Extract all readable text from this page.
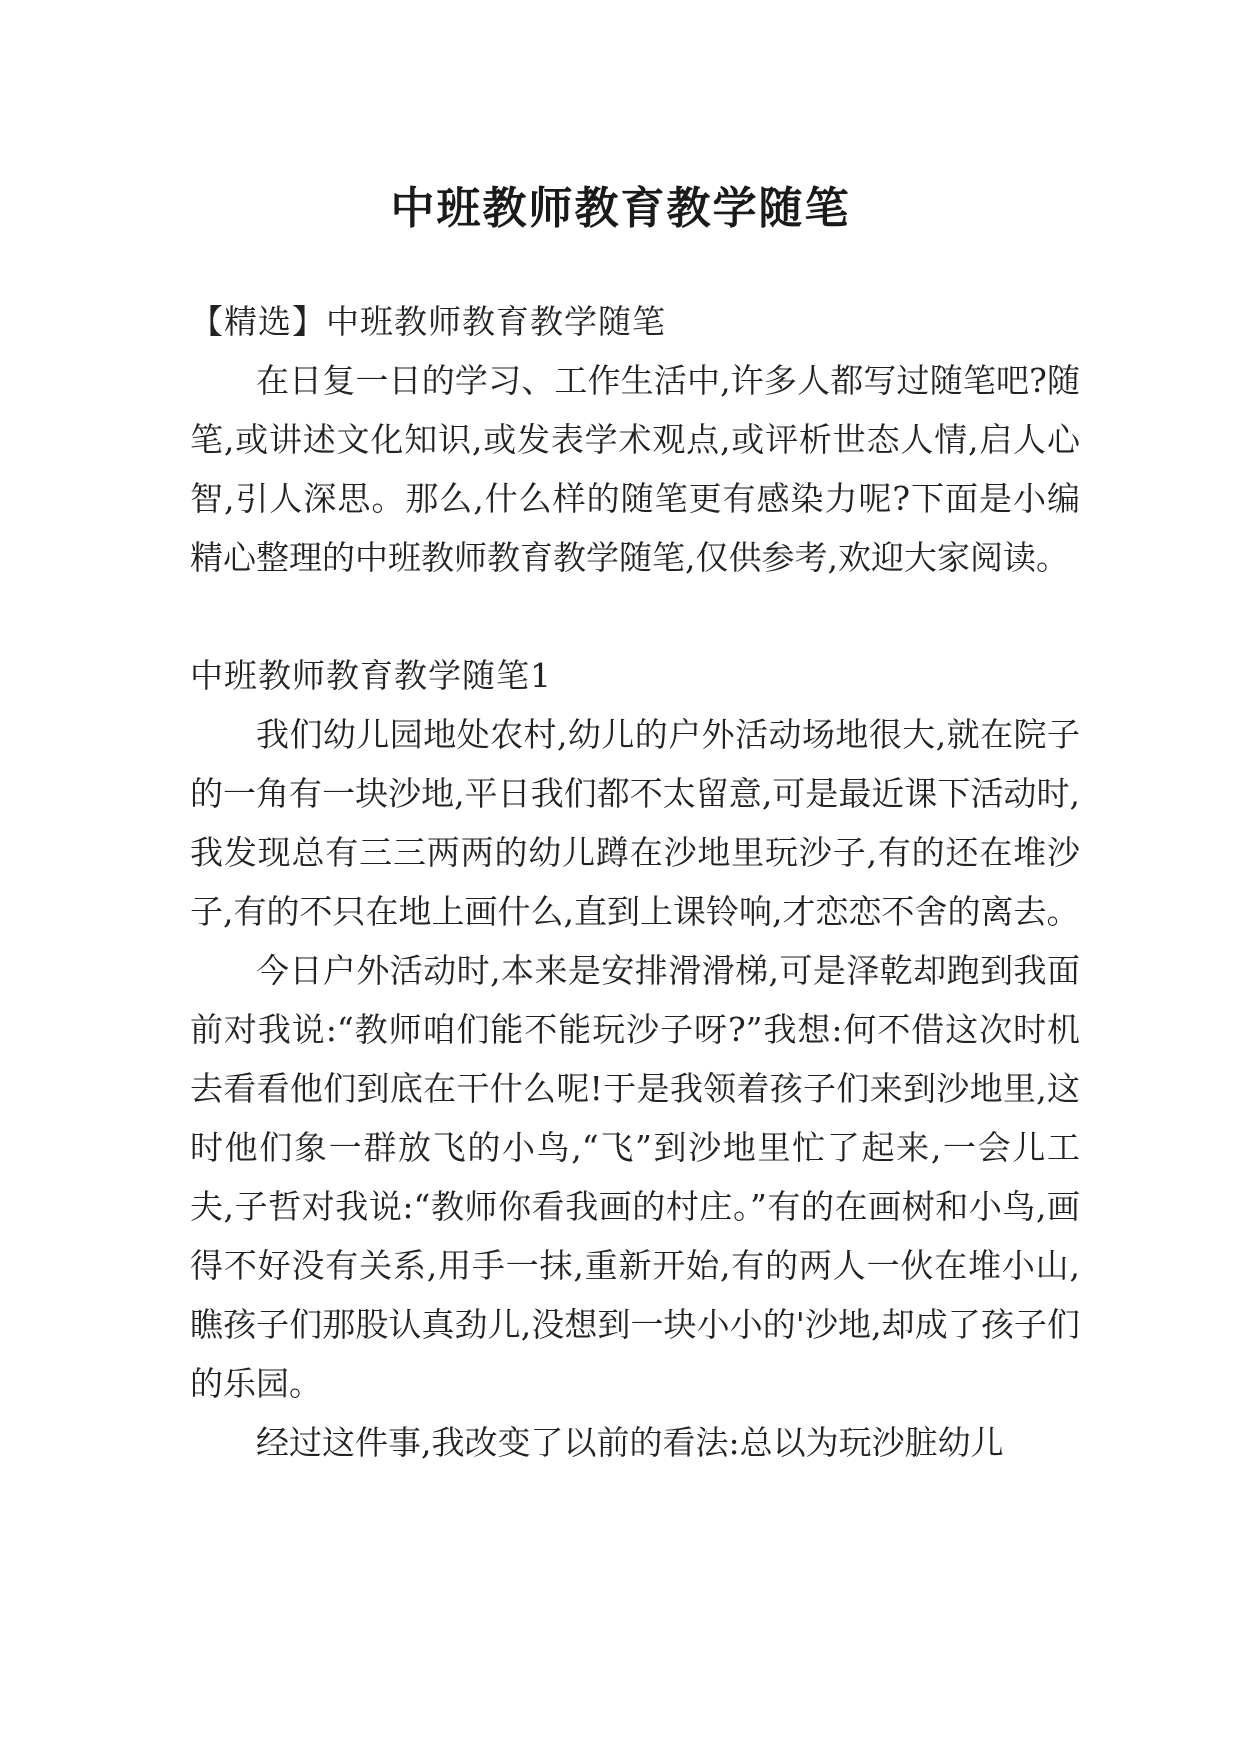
中班教师教育教学随笔

【精选】中班教师教育教学随笔

在日复一日的学习、工作生活中,许多人都写过随笔吧?随笔,或讲述文化知识,或发表学术观点,或评析世态人情,启人心智,引人深思。那么,什么样的随笔更有感染力呢?下面是小编精心整理的中班教师教育教学随笔,仅供参考,欢迎大家阅读。

中班教师教育教学随笔1

我们幼儿园地处农村,幼儿的户外活动场地很大,就在院子的一角有一块沙地,平日我们都不太留意,可是最近课下活动时,我发现总有三三两两的幼儿蹲在沙地里玩沙子,有的还在堆沙子,有的不只在地上画什么,直到上课铃响,才恋恋不舍的离去。

今日户外活动时,本来是安排滑滑梯,可是泽乾却跑到我面前对我说:“教师咱们能不能玩沙子呀?”我想:何不借这次时机去看看他们到底在干什么呢!于是我领着孩子们来到沙地里,这时他们象一群放飞的小鸟,“飞”到沙地里忙了起来,一会儿工夫,子哲对我说:“教师你看我画的村庄。”有的在画树和小鸟,画得不好没有关系,用手一抹,重新开始,有的两人一伙在堆小山,瞧孩子们那股认真劲儿,没想到一块小小的'沙地,却成了孩子们的乐园。

经过这件事,我改变了以前的看法:总以为玩沙脏幼儿
